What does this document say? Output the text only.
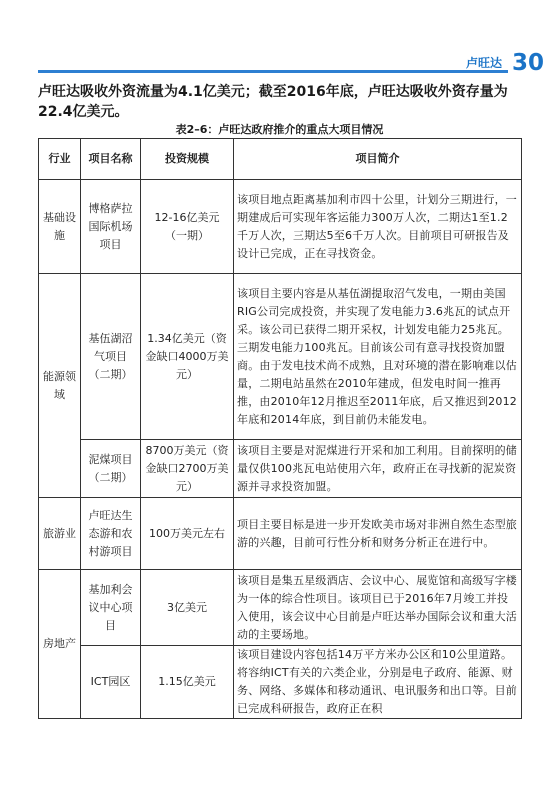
卢旺达 30
卢旺达吸收外资流量为4.1亿美元；截至2016年底，卢旺达吸收外资存量为22.4亿美元。
表2–6：卢旺达政府推介的重点大项目情况
行业	项目名称	投资规模	项目简介
基础设施	博格萨拉国际机场项目	12-16亿美元（一期）	该项目地点距离基加利市四十公里，计划分三期进行，一期建成后可实现年客运能力300万人次，二期达1至1.2千万人次，三期达5至6千万人次。目前项目可研报告及设计已完成，正在寻找资金。
能源领域	基伍湖沼气项目（二期）	1.34亿美元（资金缺口4000万美元）	该项目主要内容是从基伍湖提取沼气发电，一期由美国RIG公司完成投资，并实现了发电能力3.6兆瓦的试点开采。该公司已获得二期开采权，计划发电能力25兆瓦。三期发电能力100兆瓦。目前该公司有意寻找投资加盟商。由于发电技术尚不成熟，且对环境的潜在影响难以估量，二期电站虽然在2010年建成，但发电时间一推再推，由2010年12月推迟至2011年底，后又推迟到2012年底和2014年底，到目前仍未能发电。
	泥煤项目（二期）	8700万美元（资金缺口2700万美元）	该项目主要是对泥煤进行开采和加工利用。目前探明的储量仅供100兆瓦电站使用六年，政府正在寻找新的泥炭资源并寻求投资加盟。
旅游业	卢旺达生态游和农村游项目	100万美元左右	项目主要目标是进一步开发欧美市场对非洲自然生态型旅游的兴趣，目前可行性分析和财务分析正在进行中。
房地产	基加利会议中心项目	3亿美元	该项目是集五星级酒店、会议中心、展览馆和高级写字楼为一体的综合性项目。该项目已于2016年7月竣工并投入使用，该会议中心目前是卢旺达举办国际会议和重大活动的主要场地。
	ICT园区	1.15亿美元	该项目建设内容包括14万平方米办公区和10公里道路。将容纳ICT有关的六类企业，分别是电子政府、能源、财务、网络、多媒体和移动通讯、电讯服务和出口等。目前已完成科研报告，政府正在积
